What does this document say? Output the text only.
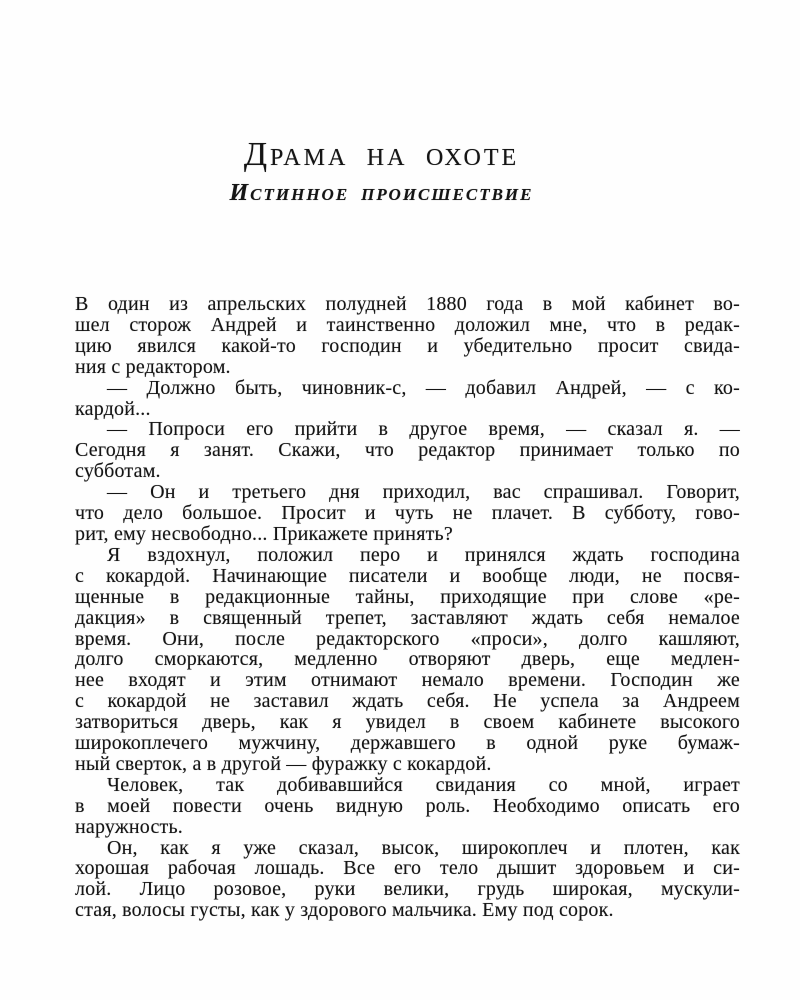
Драма на охоте
Истинное происшествие
В один из апрельских полудней 1880 года в мой кабинет во-
шел сторож Андрей и таинственно доложил мне, что в редак-
цию явился какой-то господин и убедительно просит свида-
ния с редактором.
— Должно быть, чиновник-с, — добавил Андрей, — с ко-
кардой...
— Попроси его прийти в другое время, — сказал я. —
Сегодня я занят. Скажи, что редактор принимает только по
субботам.
— Он и третьего дня приходил, вас спрашивал. Говорит,
что дело большое. Просит и чуть не плачет. В субботу, гово-
рит, ему несвободно... Прикажете принять?
Я вздохнул, положил перо и принялся ждать господина
с кокардой. Начинающие писатели и вообще люди, не посвя-
щенные в редакционные тайны, приходящие при слове «ре-
дакция» в священный трепет, заставляют ждать себя немалое
время. Они, после редакторского «проси», долго кашляют,
долго сморкаются, медленно отворяют дверь, еще медлен-
нее входят и этим отнимают немало времени. Господин же
с кокардой не заставил ждать себя. Не успела за Андреем
затвориться дверь, как я увидел в своем кабинете высокого
широкоплечего мужчину, державшего в одной руке бумаж-
ный сверток, а в другой — фуражку с кокардой.
Человек, так добивавшийся свидания со мной, играет
в моей повести очень видную роль. Необходимо описать его
наружность.
Он, как я уже сказал, высок, широкоплеч и плотен, как
хорошая рабочая лошадь. Все его тело дышит здоровьем и си-
лой. Лицо розовое, руки велики, грудь широкая, мускули-
стая, волосы густы, как у здорового мальчика. Ему под сорок.
